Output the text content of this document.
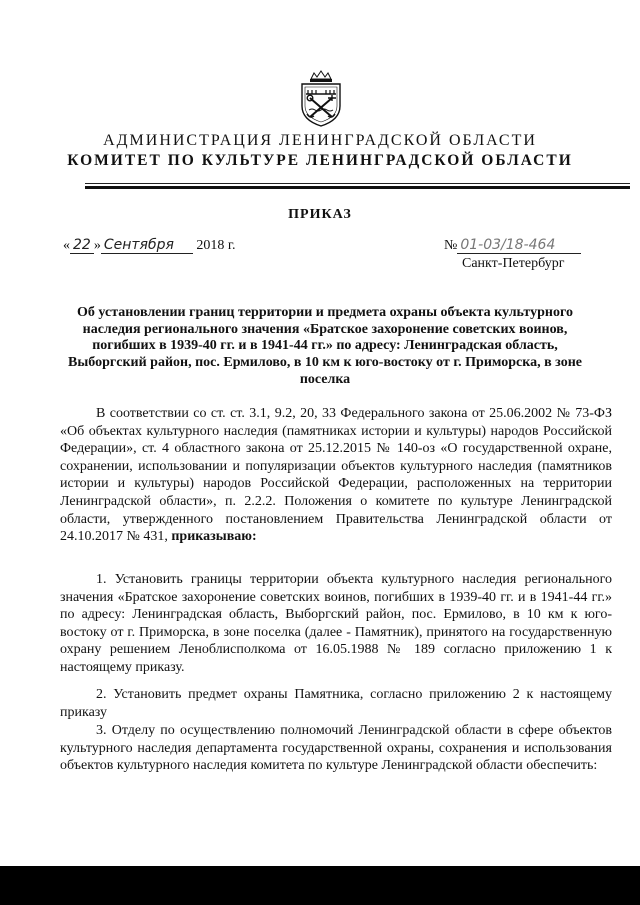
АДМИНИСТРАЦИЯ ЛЕНИНГРАДСКОЙ ОБЛАСТИ
КОМИТЕТ ПО КУЛЬТУРЕ ЛЕНИНГРАДСКОЙ ОБЛАСТИ
ПРИКАЗ
« 22 » Сентября 2018 г.	№ 01-03/18-464
Санкт-Петербург
Об установлении границ территории и предмета охраны объекта культурного наследия регионального значения «Братское захоронение советских воинов, погибших в 1939-40 гг. и в 1941-44 гг.» по адресу: Ленинградская область, Выборгский район, пос. Ермилово, в 10 км к юго-востоку от г. Приморска, в зоне поселка

В соответствии со ст. ст. 3.1, 9.2, 20, 33 Федерального закона от 25.06.2002 № 73-ФЗ «Об объектах культурного наследия (памятниках истории и культуры) народов Российской Федерации», ст. 4 областного закона от 25.12.2015 № 140-оз «О государственной охране, сохранении, использовании и популяризации объектов культурного наследия (памятников истории и культуры) народов Российской Федерации, расположенных на территории Ленинградской области», п. 2.2.2. Положения о комитете по культуре Ленинградской области, утвержденного постановлением Правительства Ленинградской области от 24.10.2017 № 431, приказываю:

1. Установить границы территории объекта культурного наследия регионального значения «Братское захоронение советских воинов, погибших в 1939-40 гг. и в 1941-44 гг.» по адресу: Ленинградская область, Выборгский район, пос. Ермилово, в 10 км к юго-востоку от г. Приморска, в зоне поселка (далее - Памятник), принятого на государственную охрану решением Леноблисполкома от 16.05.1988 № 189 согласно приложению 1 к настоящему приказу.

2. Установить предмет охраны Памятника, согласно приложению 2 к настоящему приказу

3. Отделу по осуществлению полномочий Ленинградской области в сфере объектов культурного наследия департамента государственной охраны, сохранения и использования объектов культурного наследия комитета по культуре Ленинградской области обеспечить:
